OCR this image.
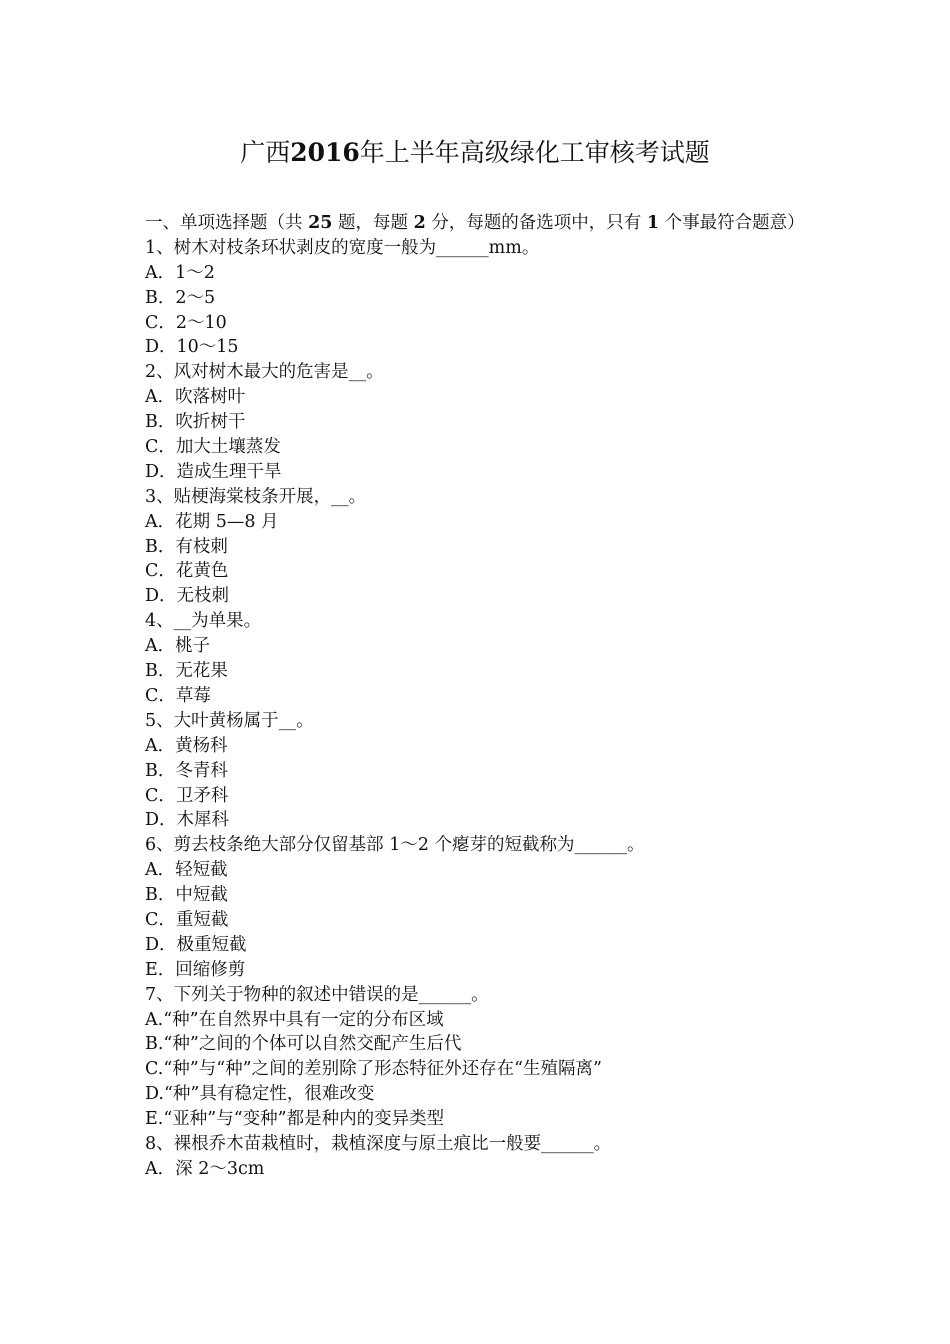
广西2016年上半年高级绿化工审核考试题
一、单项选择题（共 25 题，每题 2 分，每题的备选项中，只有 1 个事最符合题意）
1、树木对枝条环状剥皮的宽度一般为______mm。
A．1～2
B．2～5
C．2～10
D．10～15
2、风对树木最大的危害是__。
A．吹落树叶
B．吹折树干
C．加大土壤蒸发
D．造成生理干旱
3、贴梗海棠枝条开展，__。
A．花期 5—8 月
B．有枝刺
C．花黄色
D．无枝刺
4、__为单果。
A．桃子
B．无花果
C．草莓
5、大叶黄杨属于__。
A．黄杨科
B．冬青科
C．卫矛科
D．木犀科
6、剪去枝条绝大部分仅留基部 1～2 个瘪芽的短截称为______。
A．轻短截
B．中短截
C．重短截
D．极重短截
E．回缩修剪
7、下列关于物种的叙述中错误的是______。
A.“种”在自然界中具有一定的分布区域
B.“种”之间的个体可以自然交配产生后代
C.“种”与“种”之间的差别除了形态特征外还存在“生殖隔离”
D.“种”具有稳定性，很难改变
E.“亚种”与“变种”都是种内的变异类型
8、裸根乔木苗栽植时，栽植深度与原土痕比一般要______。
A．深 2～3cm
